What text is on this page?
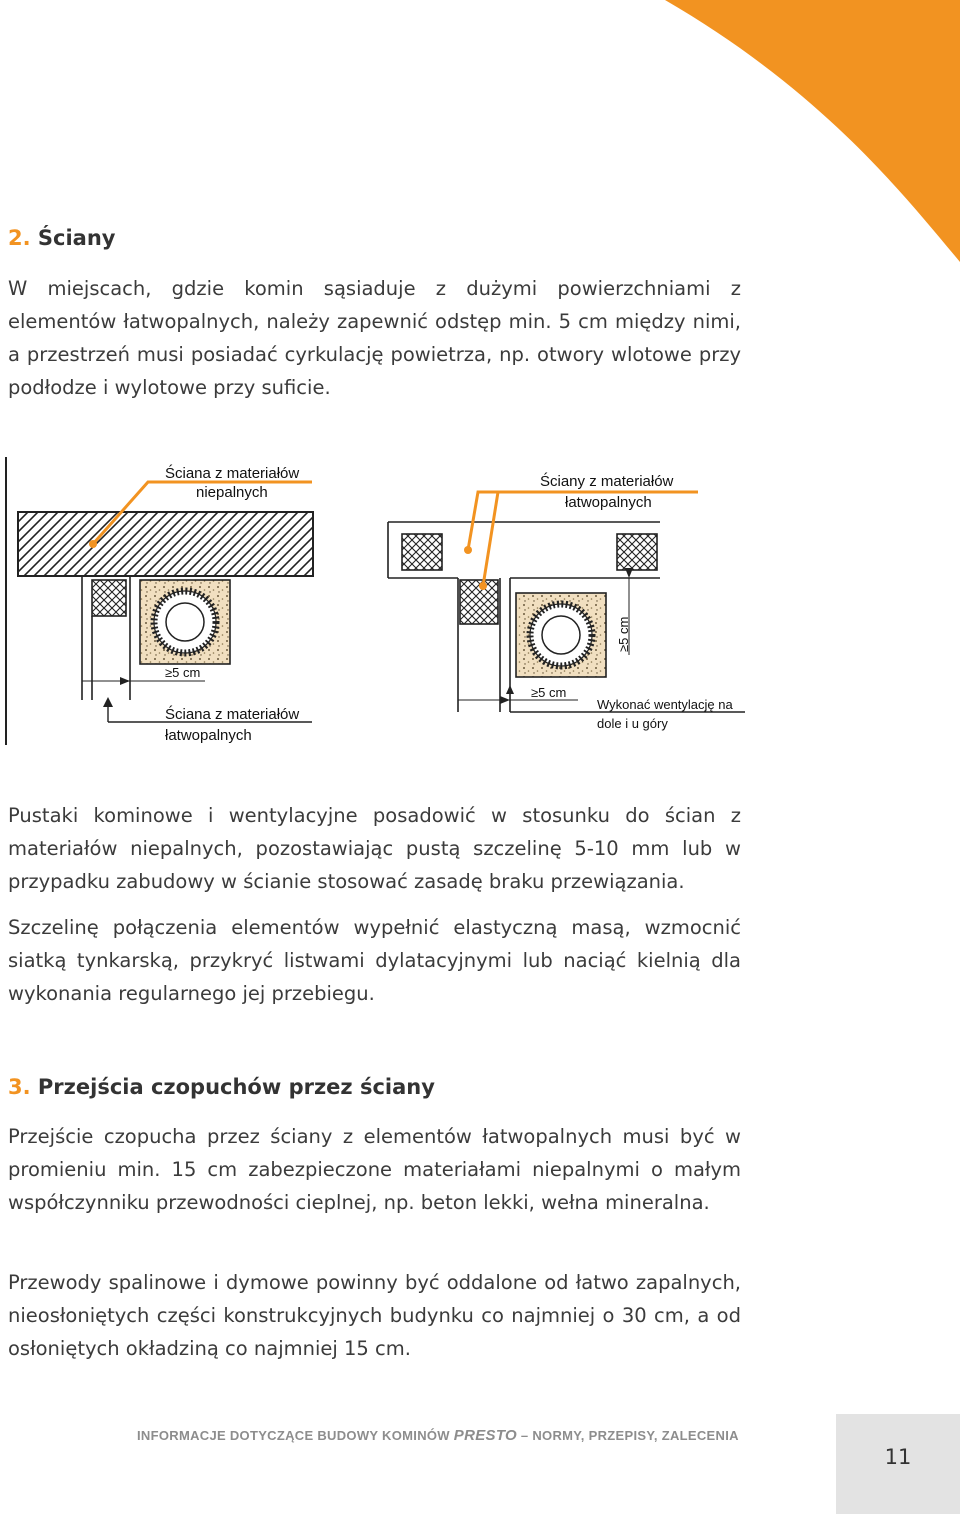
2. Ściany

W miejscach, gdzie komin sąsiaduje z dużymi powierzchniami z elementów łatwopalnych, należy zapewnić odstęp min. 5 cm między nimi, a przestrzeń musi posiadać cyrkulację powietrza, np. otwory wlotowe przy podłodze i wylotowe przy suficie.

Ściana z materiałów
niepalnych
≥5 cm
Ściana z materiałów
łatwopalnych
Ściany z materiałów
łatwopalnych
≥5 cm
≥5 cm
Wykonać wentylację na
dole i u góry

Pustaki kominowe i wentylacyjne posadowić w stosunku do ścian z materiałów niepalnych, pozostawiając pustą szczelinę 5-10 mm lub w przypadku zabudowy w ścianie stosować zasadę braku przewiązania.

Szczelinę połączenia elementów wypełnić elastyczną masą, wzmocnić siatką tynkarską, przykryć listwami dylatacyjnymi lub naciąć kielnią dla wykonania regularnego jej przebiegu.

3. Przejścia czopuchów przez ściany

Przejście czopucha przez ściany z elementów łatwopalnych musi być w promieniu min. 15 cm zabezpieczone materiałami niepalnymi o małym współczynniku przewodności cieplnej, np. beton lekki, wełna mineralna.

Przewody spalinowe i dymowe powinny być oddalone od łatwo zapalnych, nieosłoniętych części konstrukcyjnych budynku co najmniej o 30 cm, a od osłoniętych okładziną co najmniej 15 cm.

INFORMACJE DOTYCZĄCE BUDOWY KOMINÓW PRESTO – NORMY, PRZEPISY, ZALECENIA
11
